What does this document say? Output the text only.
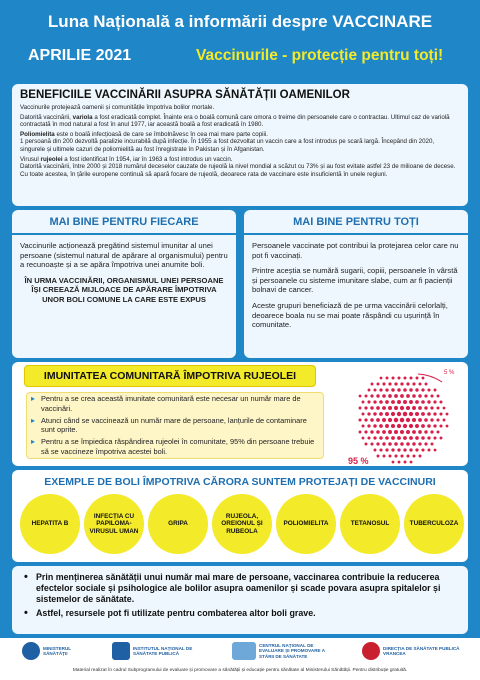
Luna Națională a informării despre VACCINARE
APRILIE 2021	Vaccinurile - protecție pentru toți!
BENEFICIILE VACCINĂRII ASUPRA SĂNĂTĂȚII OAMENILOR

Vaccinurile protejează oamenii și comunitățile împotriva bolilor mortale.

Datorită vaccinării, variola a fost eradicată complet. Înainte era o boală comună care omora o treime din persoanele care o contractau. Ultimul caz de variolă contractată în mod natural a fost în anul 1977, iar această boală a fost eradicată în 1980.

Poliomielita este o boală infecțioasă de care se îmbolnăvesc în cea mai mare parte copiii.
1 persoană din 200 dezvoltă paralizie incurabilă după infecție. În 1955 a fost dezvoltat un vaccin care a fost introdus pe scară largă. Începând din 2020, singurele și ultimele cazuri de poliomielită au fost înregistrate în Pakistan și în Afganistan.

Virusul rujeolei a fost identificat în 1954, iar în 1963 a fost introdus un vaccin.
Datorită vaccinării, între 2000 și 2018 numărul deceselor cauzate de rujeolă la nivel mondial a scăzut cu 73% și au fost evitate astfel 23 de milioane de decese. Cu toate acestea, în țările europene continuă să apară focare de rujeolă, deoarece rata de vaccinare este insuficientă în unele regiuni.

MAI BINE PENTRU FIECARE

Vaccinurile acționează pregătind sistemul imunitar al unei persoane (sistemul natural de apărare al organismului) pentru a recunoaște și a se apăra împotriva unei anumite boli.

ÎN URMA VACCINĂRII, ORGANISMUL UNEI PERSOANE ÎȘI CREEAZĂ MIJLOACE DE APĂRARE ÎMPOTRIVA UNOR BOLI COMUNE LA CARE ESTE EXPUS

MAI BINE PENTRU TOȚI

Persoanele vaccinate pot contribui la protejarea celor care nu pot fi vaccinați.

Printre aceștia se numără sugarii, copiii, persoanele în vârstă și persoanele cu sisteme imunitare slabe, cum ar fi pacienții bolnavi de cancer.

Aceste grupuri beneficiază de pe urma vaccinării celorlalți, deoarece boala nu se mai poate răspândi cu ușurință în comunitate.

IMUNITATEA COMUNITARĂ ÎMPOTRIVA RUJEOLEI
▸ Pentru a se crea această imunitate comunitară este necesar un număr mare de vaccinări.
▸ Atunci când se vaccinează un număr mare de persoane, lanțurile de contaminare sunt oprite.
▸ Pentru a se împiedica răspândirea rujeolei în comunitate, 95% din persoane trebuie să se vaccineze împotriva acestei boli.
5 %
95 %
EXEMPLE DE BOLI ÎMPOTRIVA CĂRORA SUNTEM PROTEJAȚI DE VACCINURI
HEPATITA B
INFECȚIA CU PAPILOMA-VIRUSUL UMAN
GRIPA
RUJEOLA, OREIONUL ȘI RUBEOLA
POLIOMIELITA	TETANOSUL	TUBERCULOZA

• Prin menținerea sănătății unui număr mai mare de persoane, vaccinarea contribuie la reducerea efectelor sociale și psihologice ale bolilor asupra oamenilor și scade povara asupra spitalelor și sistemelor de sănătate.

• Astfel, resursele pot fi utilizate pentru combaterea altor boli grave.

MINISTERUL SĂNĂTĂȚII
INSTITUTUL NAȚIONAL DE SĂNĂTATE PUBLICĂ
CENTRUL NAȚIONAL DE EVALUARE ȘI PROMOVARE A STĂRII DE SĂNĂTATE
DIRECȚIA DE SĂNĂTATE PUBLICĂ VRANCEA
Material realizat în cadrul Subprogramului de evaluare și promovare a sănătății și educație pentru sănătate al Ministerului Sănătății. Pentru distribuție gratuită.
